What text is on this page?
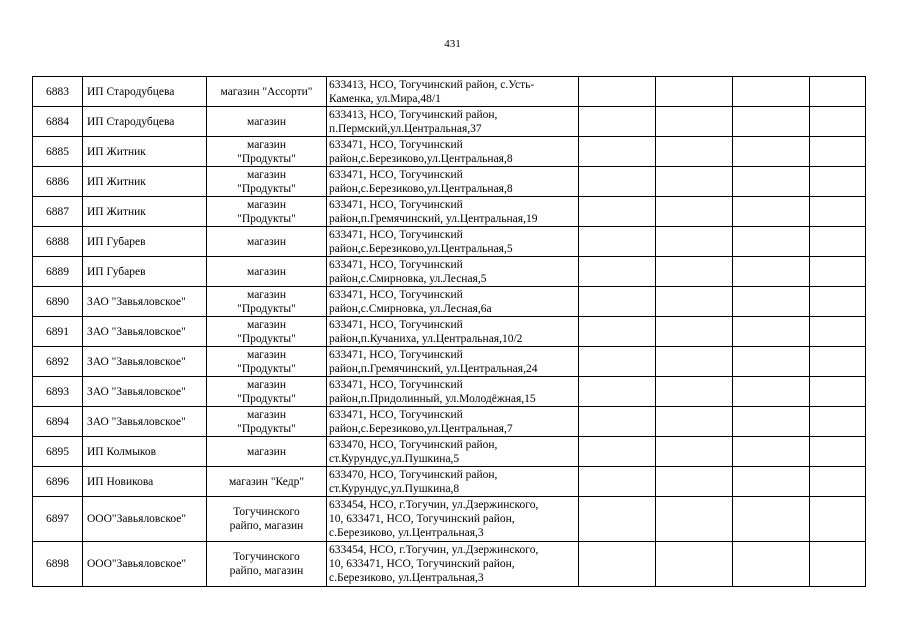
431
6883	ИП Стародубцева	магазин "Ассорти"	633413, НСО, Тогучинский район, с.Усть-
Каменка, ул.Мира,48/1				
6884	ИП Стародубцева	магазин	633413, НСО, Тогучинский район,
п.Пермский,ул.Центральная,37				
6885	ИП Житник	магазин
"Продукты"	633471, НСО, Тогучинский
район,с.Березиково,ул.Центральная,8				
6886	ИП Житник	магазин
"Продукты"	633471, НСО, Тогучинский
район,с.Березиково,ул.Центральная,8				
6887	ИП Житник	магазин
"Продукты"	633471, НСО, Тогучинский
район,п.Гремячинский, ул.Центральная,19				
6888	ИП Губарев	магазин	633471, НСО, Тогучинский
район,с.Березиково,ул.Центральная,5				
6889	ИП Губарев	магазин	633471, НСО, Тогучинский
район,с.Смирновка, ул.Лесная,5				
6890	ЗАО "Завьяловское"	магазин
"Продукты"	633471, НСО, Тогучинский
район,с.Смирновка, ул.Лесная,6а				
6891	ЗАО "Завьяловское"	магазин
"Продукты"	633471, НСО, Тогучинский
район,п.Кучаниха, ул.Центральная,10/2				
6892	ЗАО "Завьяловское"	магазин
"Продукты"	633471, НСО, Тогучинский
район,п.Гремячинский, ул.Центральная,24				
6893	ЗАО "Завьяловское"	магазин
"Продукты"	633471, НСО, Тогучинский
район,п.Придолинный, ул.Молодёжная,15				
6894	ЗАО "Завьяловское"	магазин
"Продукты"	633471, НСО, Тогучинский
район,с.Березиково,ул.Центральная,7				
6895	ИП Колмыков	магазин	633470, НСО, Тогучинский район,
ст.Курундус,ул.Пушкина,5				
6896	ИП Новикова	магазин "Кедр"	633470, НСО, Тогучинский район,
ст.Курундус,ул.Пушкина,8				
6897	ООО"Завьяловское"	Тогучинского
райпо, магазин	633454, НСО, г.Тогучин, ул.Дзержинского,
10, 633471, НСО, Тогучинский район,
с.Березиково, ул.Центральная,3				
6898	ООО"Завьяловское"	Тогучинского
райпо, магазин	633454, НСО, г.Тогучин, ул.Дзержинского,
10, 633471, НСО, Тогучинский район,
с.Березиково, ул.Центральная,3				
